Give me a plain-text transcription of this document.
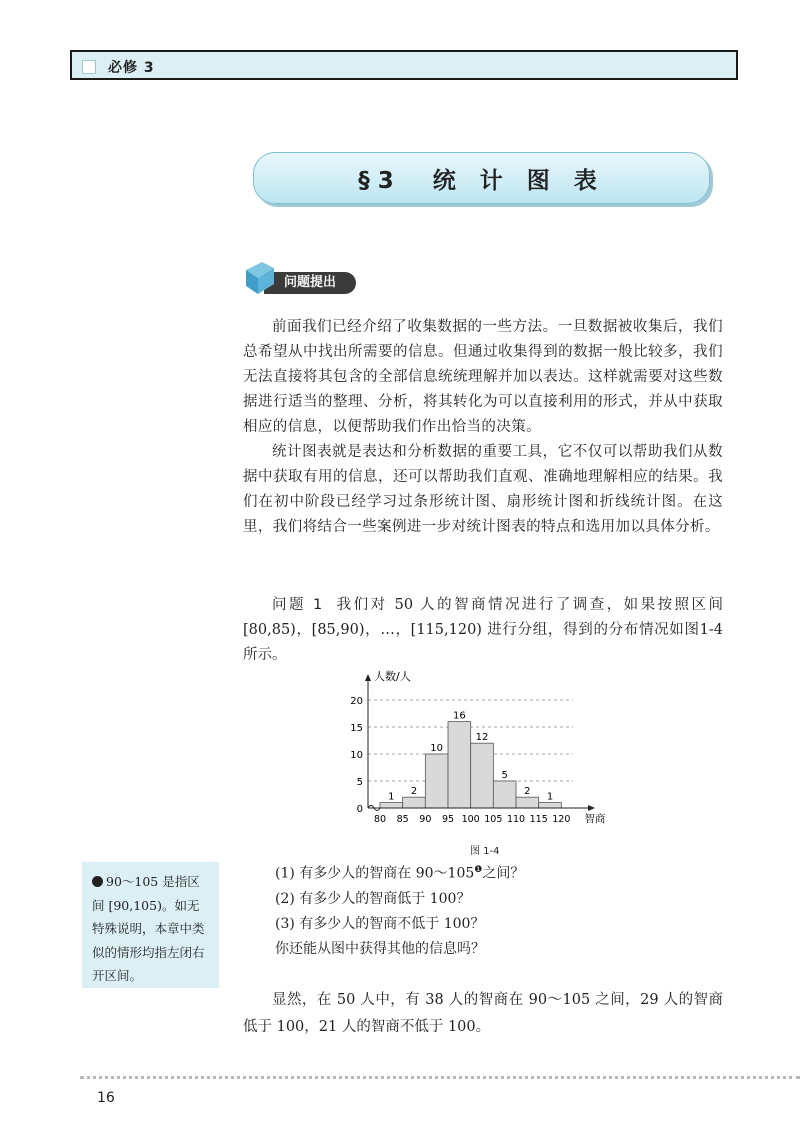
必修 3
§3　统 计 图 表
问题提出

前面我们已经介绍了收集数据的一些方法。一旦数据被收集后，我们总希望从中找出所需要的信息。但通过收集得到的数据一般比较多，我们无法直接将其包含的全部信息统统理解并加以表达。这样就需要对这些数据进行适当的整理、分析，将其转化为可以直接利用的形式，并从中获取相应的信息，以便帮助我们作出恰当的决策。

统计图表就是表达和分析数据的重要工具，它不仅可以帮助我们从数据中获取有用的信息，还可以帮助我们直观、准确地理解相应的结果。我们在初中阶段已经学习过条形统计图、扇形统计图和折线统计图。在这里，我们将结合一些案例进一步对统计图表的特点和选用加以具体分析。

问题 1 我们对 50 人的智商情况进行了调查，如果按照区间 [80,85)，[85,90)，…，[115,120) 进行分组，得到的分布情况如图1-4 所示。

1 2
10
16
12
5
2 1
0
5
10
15
20
80 85 90 95 100 105 110 115 120
人数/人
智商
图 1-4
90～105 是指区间 [90,105)。如无特殊说明，本章中类似的情形均指左闭右开区间。
(1) 有多少人的智商在 $90\sim 105^❶$之间？
(2) 有多少人的智商低于 100？
(3) 有多少人的智商不低于 100？
你还能从图中获得其他的信息吗？

显然，在 50 人中，有 38 人的智商在 90～105 之间，29 人的智商低于 100，21 人的智商不低于 100。

16
